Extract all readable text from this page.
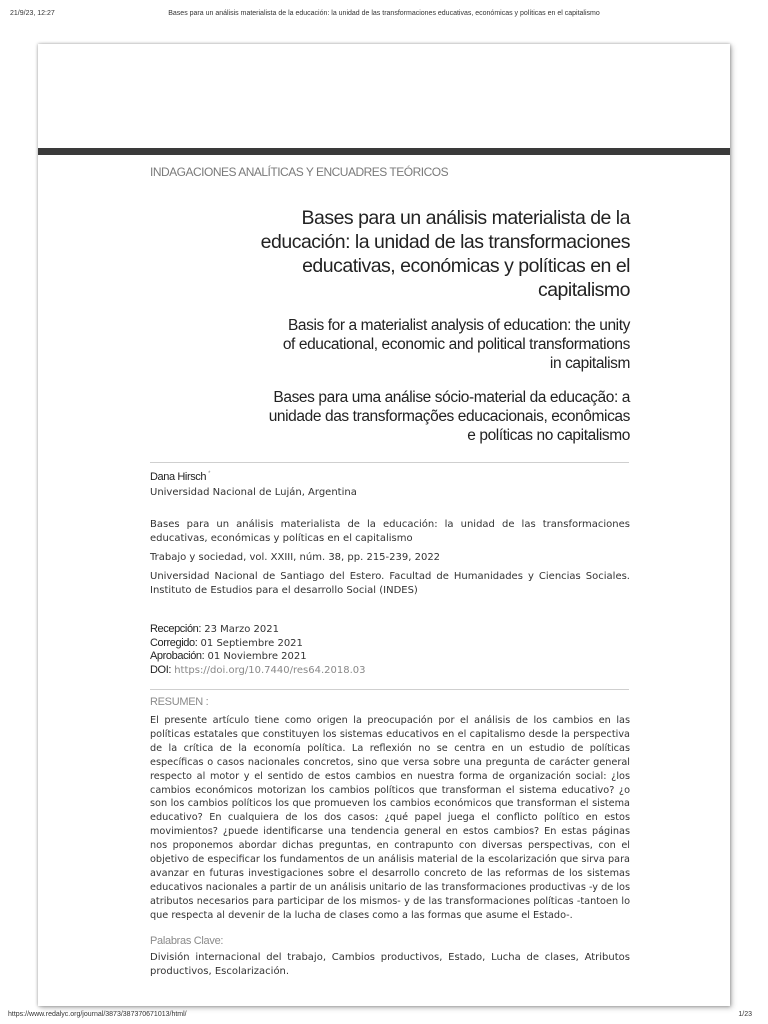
21/9/23, 12:27	Bases para un análisis materialista de la educación: la unidad de las transformaciones educativas, económicas y políticas en el capitalismo
INDAGACIONES ANALÍTICAS Y ENCUADRES TEÓRICOS
Bases para un análisis materialista de la
educación: la unidad de las transformaciones
educativas, económicas y políticas en el
capitalismo
Basis for a materialist analysis of education: the unity
of educational, economic and political transformations
in capitalism
Bases para uma análise sócio-material da educação: a
unidade das transformações educacionais, econômicas
e políticas no capitalismo
Dana Hirsch *
Universidad Nacional de Luján, Argentina

Bases para un análisis materialista de la educación: la unidad de las transformaciones educativas, económicas y políticas en el capitalismo

Trabajo y sociedad, vol. XXIII, núm. 38, pp. 215-239, 2022

Universidad Nacional de Santiago del Estero. Facultad de Humanidades y Ciencias Sociales. Instituto de Estudios para el desarrollo Social (INDES)

Recepción: 23 Marzo 2021
Corregido: 01 Septiembre 2021
Aprobación: 01 Noviembre 2021
DOI: https://doi.org/10.7440/res64.2018.03
RESUMEN :

El presente artículo tiene como origen la preocupación por el análisis de los cambios en las políticas estatales que constituyen los sistemas educativos en el capitalismo desde la perspectiva de la crítica de la economía política. La reflexión no se centra en un estudio de políticas específicas o casos nacionales concretos, sino que versa sobre una pregunta de carácter general respecto al motor y el sentido de estos cambios en nuestra forma de organización social: ¿los cambios económicos motorizan los cambios políticos que transforman el sistema educativo? ¿o son los cambios políticos los que promueven los cambios económicos que transforman el sistema educativo? En cualquiera de los dos casos: ¿qué papel juega el conflicto político en estos movimientos? ¿puede identificarse una tendencia general en estos cambios? En estas páginas nos proponemos abordar dichas preguntas, en contrapunto con diversas perspectivas, con el objetivo de especificar los fundamentos de un análisis material de la escolarización que sirva para avanzar en futuras investigaciones sobre el desarrollo concreto de las reformas de los sistemas educativos nacionales a partir de un análisis unitario de las transformaciones productivas -y de los atributos necesarios para participar de los mismos- y de las transformaciones políticas -tantoen lo que respecta al devenir de la lucha de clases como a las formas que asume el Estado-.

Palabras Clave:

División internacional del trabajo, Cambios productivos, Estado, Lucha de clases, Atributos productivos, Escolarización.

https://www.redalyc.org/journal/3873/387370671013/html/	1/23
